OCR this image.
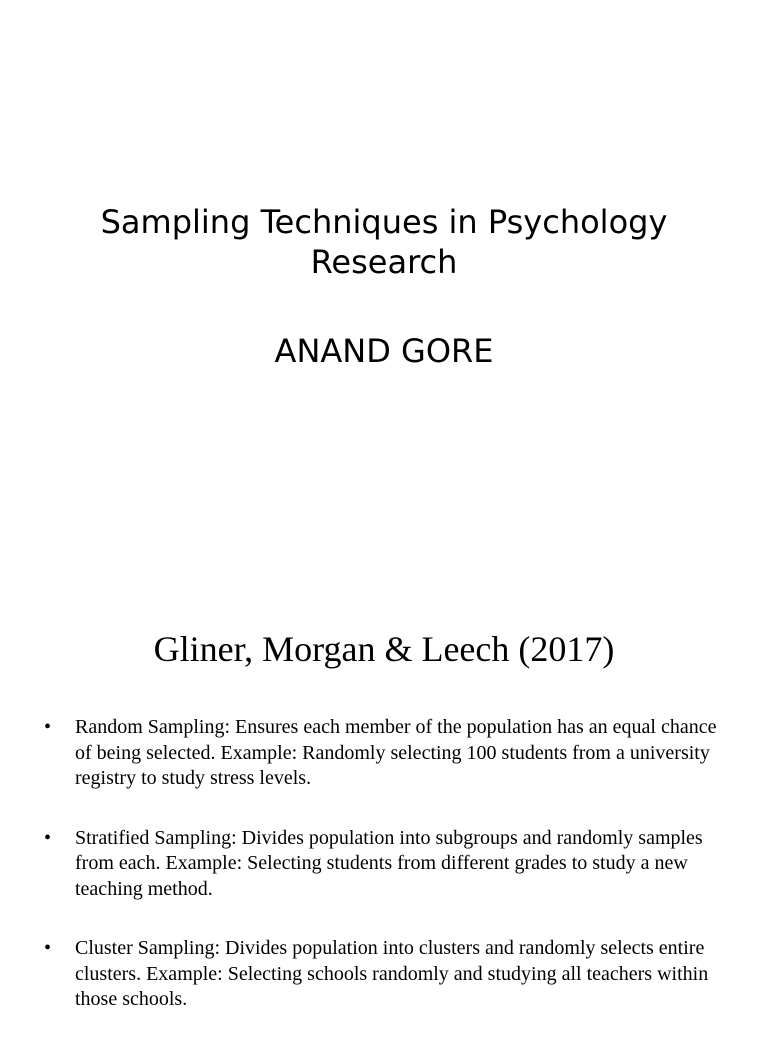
Sampling Techniques in Psychology Research
ANAND GORE
Gliner, Morgan & Leech (2017)
• Random Sampling: Ensures each member of the population has an equal chance of being selected. Example: Randomly selecting 100 students from a university registry to study stress levels.
• Stratified Sampling: Divides population into subgroups and randomly samples from each. Example: Selecting students from different grades to study a new teaching method.
• Cluster Sampling: Divides population into clusters and randomly selects entire clusters. Example: Selecting schools randomly and studying all teachers within those schools.
